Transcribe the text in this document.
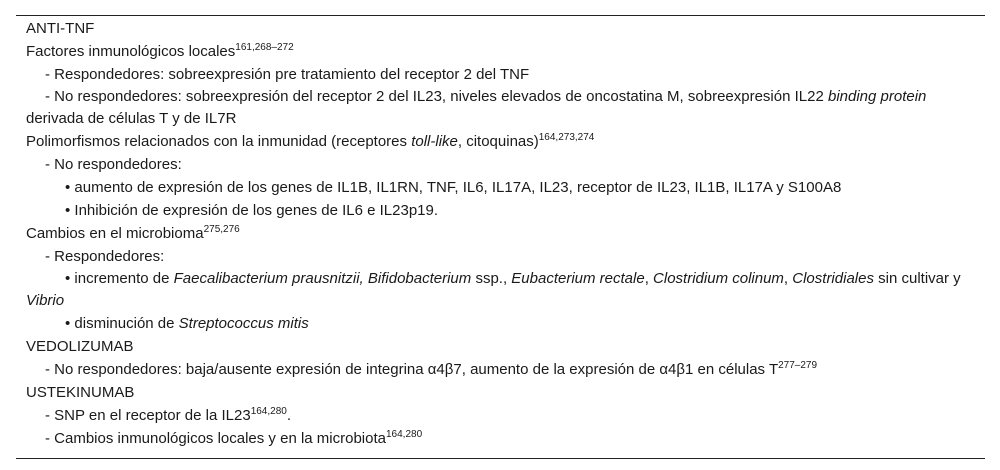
ANTI-TNF

Factores inmunológicos locales$^{161,268-272}$

- Respondedores: sobreexpresión pre tratamiento del receptor 2 del TNF

- No respondedores: sobreexpresión del receptor 2 del IL23, niveles elevados de oncostatina M, sobreexpresión IL22 binding protein derivada de células T y de IL7R

Polimorfismos relacionados con la inmunidad (receptores toll-like, citoquinas)$^{164,273,274}$

- No respondedores:

• aumento de expresión de los genes de IL1B, IL1RN, TNF, IL6, IL17A, IL23, receptor de IL23, IL1B, IL17A y S100A8

• Inhibición de expresión de los genes de IL6 e IL23p19.

Cambios en el microbioma$^{275,276}$

- Respondedores:

• incremento de Faecalibacterium prausnitzii, Bifidobacterium ssp., Eubacterium rectale, Clostridium colinum, Clostridiales sin cultivar y Vibrio

• disminución de Streptococcus mitis

VEDOLIZUMAB

- No respondedores: baja/ausente expresión de integrina α4β7, aumento de la expresión de α4β1 en células $T^{277-279}$

USTEKINUMAB

- SNP en el receptor de la IL23$^{164,280}$.

- Cambios inmunológicos locales y en la microbiota$^{164,280}$
